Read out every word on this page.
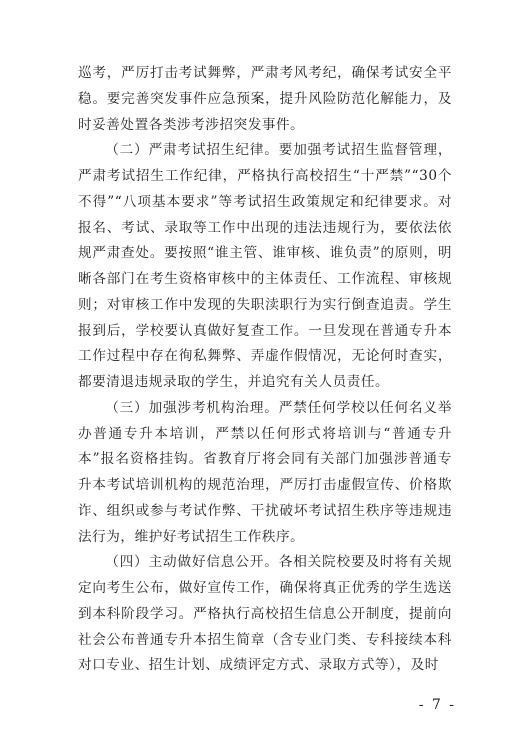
巡考，严厉打击考试舞弊，严肃考风考纪，确保考试安全平稳。要完善突发事件应急预案，提升风险防范化解能力，及时妥善处置各类涉考涉招突发事件。

（二）严肃考试招生纪律。要加强考试招生监督管理，严肃考试招生工作纪律，严格执行高校招生“十严禁”“30个不得”“八项基本要求”等考试招生政策规定和纪律要求。对报名、考试、录取等工作中出现的违法违规行为，要依法依规严肃查处。要按照“谁主管、谁审核、谁负责”的原则，明晰各部门在考生资格审核中的主体责任、工作流程、审核规则；对审核工作中发现的失职渎职行为实行倒查追责。学生报到后，学校要认真做好复查工作。一旦发现在普通专升本工作过程中存在徇私舞弊、弄虚作假情况，无论何时查实，都要清退违规录取的学生，并追究有关人员责任。

（三）加强涉考机构治理。严禁任何学校以任何名义举办普通专升本培训，严禁以任何形式将培训与“普通专升本”报名资格挂钩。省教育厅将会同有关部门加强涉普通专升本考试培训机构的规范治理，严厉打击虚假宣传、价格欺诈、组织或参与考试作弊、干扰破坏考试招生秩序等违规违法行为，维护好考试招生工作秩序。

（四）主动做好信息公开。各相关院校要及时将有关规定向考生公布，做好宣传工作，确保将真正优秀的学生选送到本科阶段学习。严格执行高校招生信息公开制度，提前向社会公布普通专升本招生简章（含专业门类、专科接续本科对口专业、招生计划、成绩评定方式、录取方式等），及时

- 7 -
